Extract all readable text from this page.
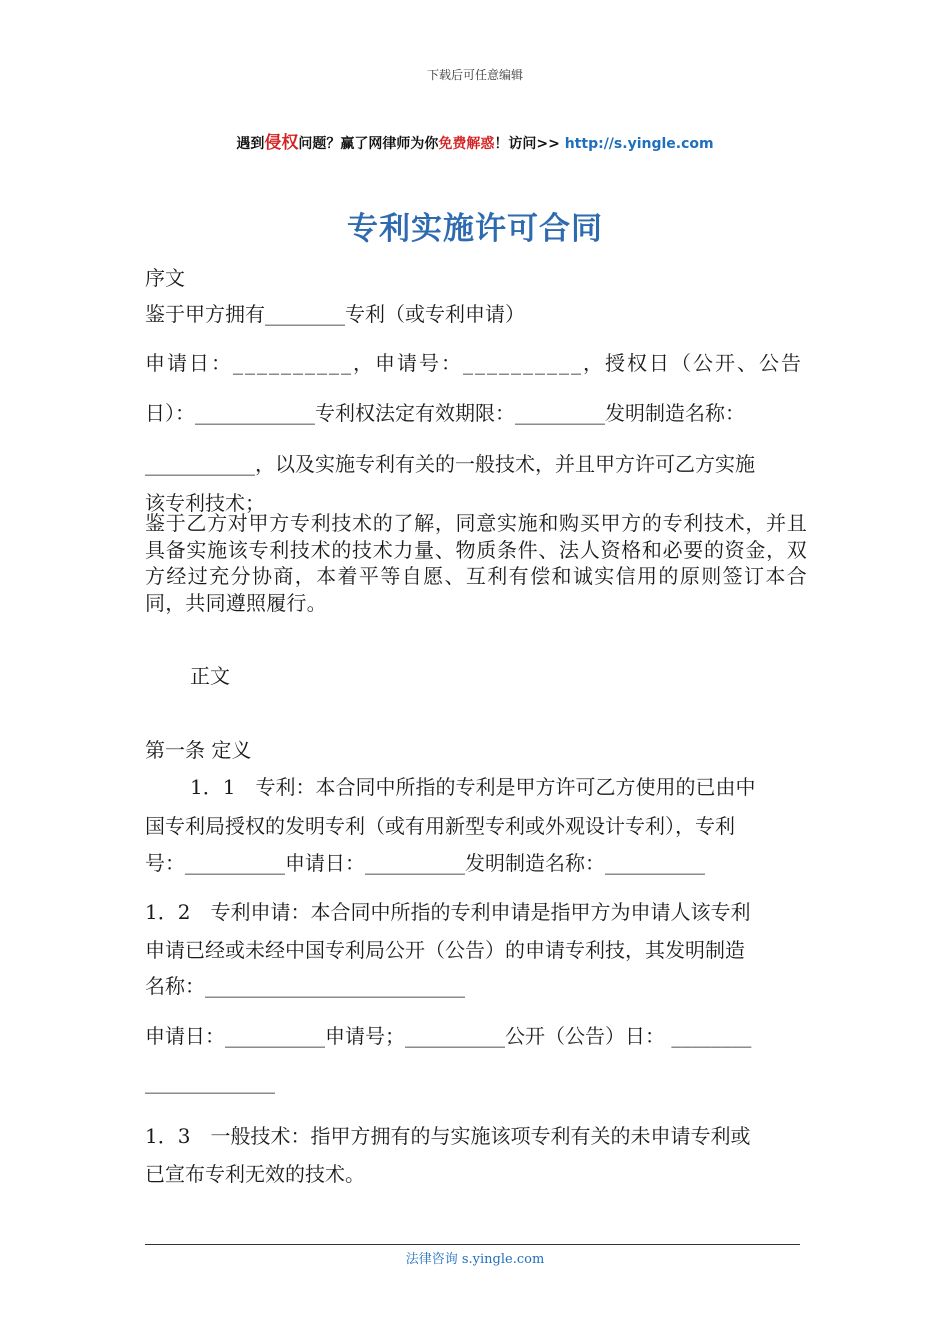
下载后可任意编辑
遇到侵权问题？赢了网律师为你免费解惑！访问>> http://s.yingle.com
专利实施许可合同
序文
鉴于甲方拥有________专利（或专利申请）
申请日：__________，申请号：__________，授权日（公开、公告
日）：____________专利权法定有效期限：_________发明制造名称：
___________，以及实施专利有关的一般技术，并且甲方许可乙方实施
该专利技术；
鉴于乙方对甲方专利技术的了解，同意实施和购买甲方的专利技术，并且具备实施该专利技术的技术力量、物质条件、法人资格和必要的资金，双方经过充分协商，本着平等自愿、互利有偿和诚实信用的原则签订本合同，共同遵照履行。
正文
第一条 定义
1．1　专利：本合同中所指的专利是甲方许可乙方使用的已由中
国专利局授权的发明专利（或有用新型专利或外观设计专利），专利
号：__________申请日：__________发明制造名称：__________
1．2　专利申请：本合同中所指的专利申请是指甲方为申请人该专利
申请已经或未经中国专利局公开（公告）的申请专利技，其发明制造
名称：__________________________
申请日：__________申请号；__________公开（公告）日： ________
_____________
1．3　一般技术：指甲方拥有的与实施该项专利有关的未申请专利或
已宣布专利无效的技术。
法律咨询 s.yingle.com
